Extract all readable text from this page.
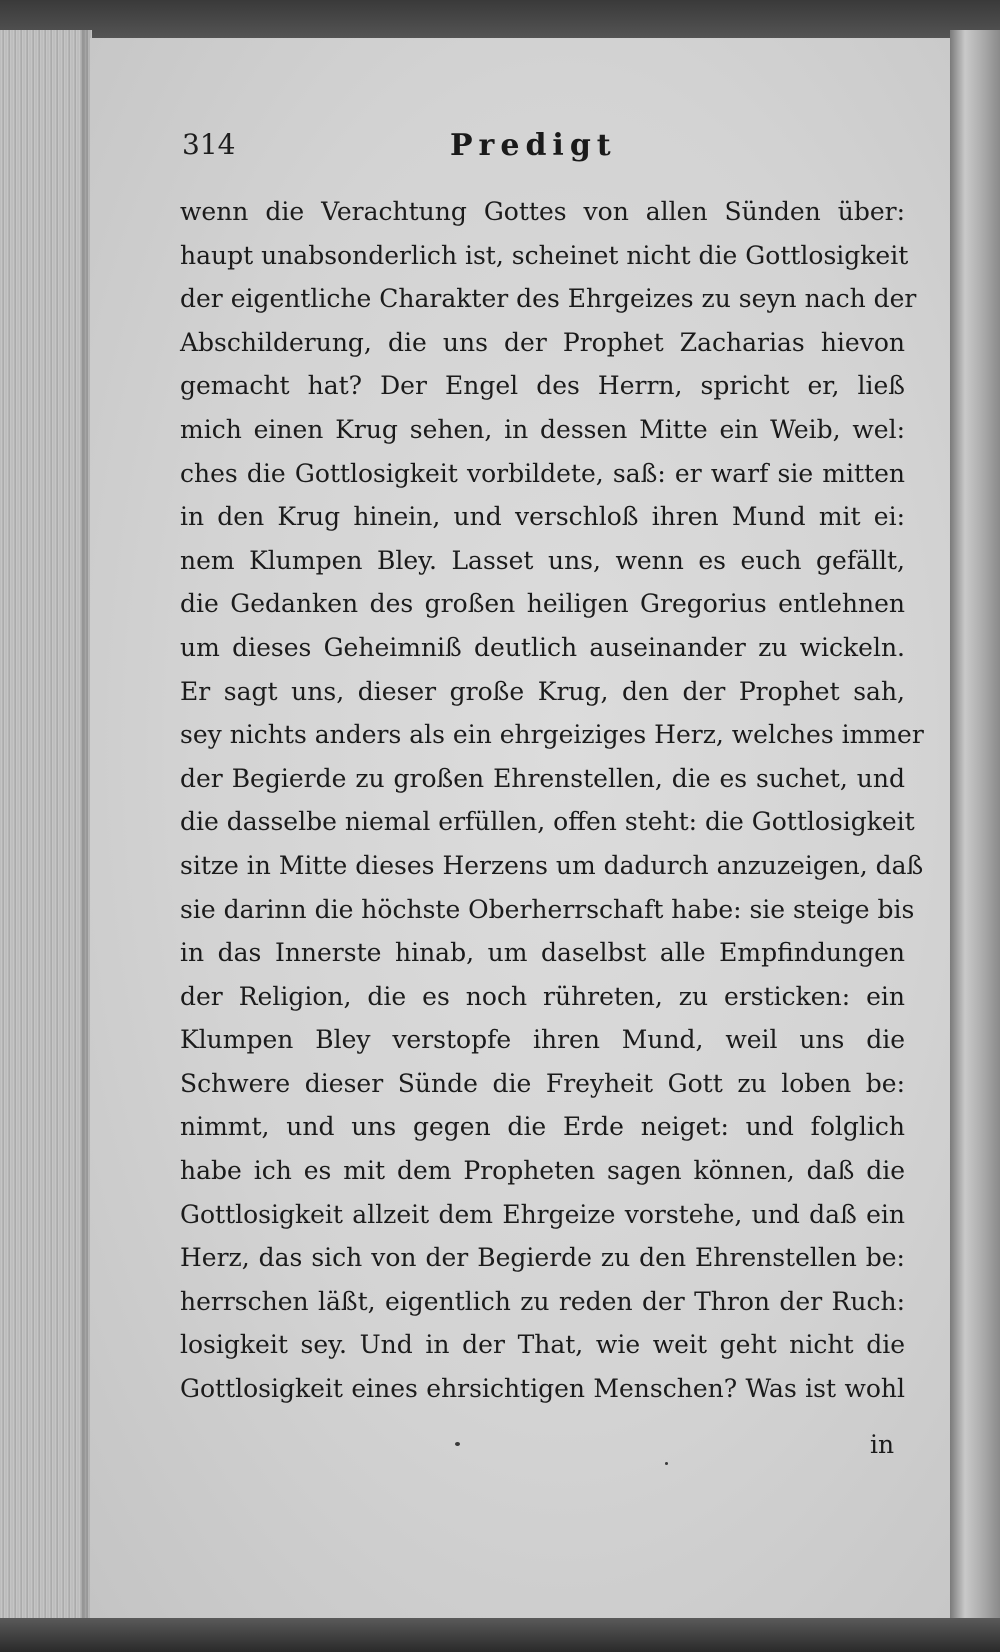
314	Predigt
wenn die Verachtung Gottes von allen Sünden über:
haupt unabsonderlich ist, scheinet nicht die Gottlosigkeit
der eigentliche Charakter des Ehrgeizes zu seyn nach der
Abschilderung, die uns der Prophet Zacharias hievon
gemacht hat? Der Engel des Herrn, spricht er, ließ
mich einen Krug sehen, in dessen Mitte ein Weib, wel:
ches die Gottlosigkeit vorbildete, saß: er warf sie mitten
in den Krug hinein, und verschloß ihren Mund mit ei:
nem Klumpen Bley. Lasset uns, wenn es euch gefällt,
die Gedanken des großen heiligen Gregorius entlehnen
um dieses Geheimniß deutlich auseinander zu wickeln.
Er sagt uns, dieser große Krug, den der Prophet sah,
sey nichts anders als ein ehrgeiziges Herz, welches immer
der Begierde zu großen Ehrenstellen, die es suchet, und
die dasselbe niemal erfüllen, offen steht: die Gottlosigkeit
sitze in Mitte dieses Herzens um dadurch anzuzeigen, daß
sie darinn die höchste Oberherrschaft habe: sie steige bis
in das Innerste hinab, um daselbst alle Empfindungen
der Religion, die es noch rühreten, zu ersticken: ein
Klumpen Bley verstopfe ihren Mund, weil uns die
Schwere dieser Sünde die Freyheit Gott zu loben be:
nimmt, und uns gegen die Erde neiget: und folglich
habe ich es mit dem Propheten sagen können, daß die
Gottlosigkeit allzeit dem Ehrgeize vorstehe, und daß ein
Herz, das sich von der Begierde zu den Ehrenstellen be:
herrschen läßt, eigentlich zu reden der Thron der Ruch:
losigkeit sey. Und in der That, wie weit geht nicht die
Gottlosigkeit eines ehrsichtigen Menschen? Was ist wohl
in
